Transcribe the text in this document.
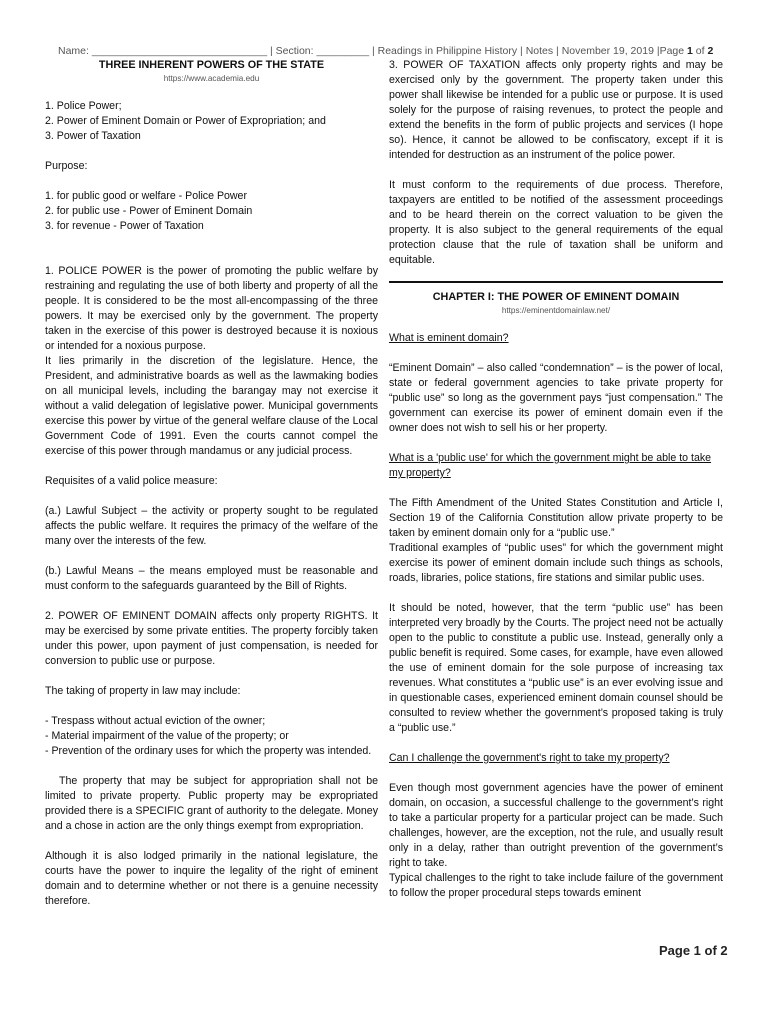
Name: ______________________________ | Section: _________ | Readings in Philippine History | Notes | November 19, 2019 |Page 1 of 2

THREE INHERENT POWERS OF THE STATE

https://www.academia.edu

1. Police Power;

2. Power of Eminent Domain or Power of Expropriation; and

3. Power of Taxation

Purpose:

1. for public good or welfare - Police Power

2. for public use - Power of Eminent Domain

3. for revenue - Power of Taxation

1. POLICE POWER is the power of promoting the public welfare by restraining and regulating the use of both liberty and property of all the people. It is considered to be the most all-encompassing of the three powers. It may be exercised only by the government. The property taken in the exercise of this power is destroyed because it is noxious or intended for a noxious purpose.

It lies primarily in the discretion of the legislature. Hence, the President, and administrative boards as well as the lawmaking bodies on all municipal levels, including the barangay may not exercise it without a valid delegation of legislative power. Municipal governments exercise this power by virtue of the general welfare clause of the Local Government Code of 1991. Even the courts cannot compel the exercise of this power through mandamus or any judicial process.

Requisites of a valid police measure:

(a.) Lawful Subject – the activity or property sought to be regulated affects the public welfare. It requires the primacy of the welfare of the many over the interests of the few.

(b.) Lawful Means – the means employed must be reasonable and must conform to the safeguards guaranteed by the Bill of Rights.

2. POWER OF EMINENT DOMAIN affects only property RIGHTS. It may be exercised by some private entities. The property forcibly taken under this power, upon payment of just compensation, is needed for conversion to public use or purpose.

The taking of property in law may include:

- Trespass without actual eviction of the owner;

- Material impairment of the value of the property; or

- Prevention of the ordinary uses for which the property was intended.

The property that may be subject for appropriation shall not be limited to private property. Public property may be expropriated provided there is a SPECIFIC grant of authority to the delegate. Money and a chose in action are the only things exempt from expropriation.

Although it is also lodged primarily in the national legislature, the courts have the power to inquire the legality of the right of eminent domain and to determine whether or not there is a genuine necessity therefore.

3. POWER OF TAXATION affects only property rights and may be exercised only by the government. The property taken under this power shall likewise be intended for a public use or purpose. It is used solely for the purpose of raising revenues, to protect the people and extend the benefits in the form of public projects and services (I hope so). Hence, it cannot be allowed to be confiscatory, except if it is intended for destruction as an instrument of the police power.

It must conform to the requirements of due process. Therefore, taxpayers are entitled to be notified of the assessment proceedings and to be heard therein on the correct valuation to be given the property. It is also subject to the general requirements of the equal protection clause that the rule of taxation shall be uniform and equitable.

CHAPTER I: THE POWER OF EMINENT DOMAIN

https://eminentdomainlaw.net/

What is eminent domain?

“Eminent Domain” – also called “condemnation” – is the power of local, state or federal government agencies to take private property for “public use” so long as the government pays “just compensation.” The government can exercise its power of eminent domain even if the owner does not wish to sell his or her property.

What is a 'public use' for which the government might be able to take my property?

The Fifth Amendment of the United States Constitution and Article I, Section 19 of the California Constitution allow private property to be taken by eminent domain only for a “public use.”

Traditional examples of “public uses” for which the government might exercise its power of eminent domain include such things as schools, roads, libraries, police stations, fire stations and similar public uses.

It should be noted, however, that the term “public use” has been interpreted very broadly by the Courts. The project need not be actually open to the public to constitute a public use. Instead, generally only a public benefit is required. Some cases, for example, have even allowed the use of eminent domain for the sole purpose of increasing tax revenues. What constitutes a “public use” is an ever evolving issue and in questionable cases, experienced eminent domain counsel should be consulted to review whether the government’s proposed taking is truly a “public use.”

Can I challenge the government's right to take my property?

Even though most government agencies have the power of eminent domain, on occasion, a successful challenge to the government’s right to take a particular property for a particular project can be made. Such challenges, however, are the exception, not the rule, and usually result only in a delay, rather than outright prevention of the government’s right to take.

Typical challenges to the right to take include failure of the government to follow the proper procedural steps towards eminent

Page 1 of 2
